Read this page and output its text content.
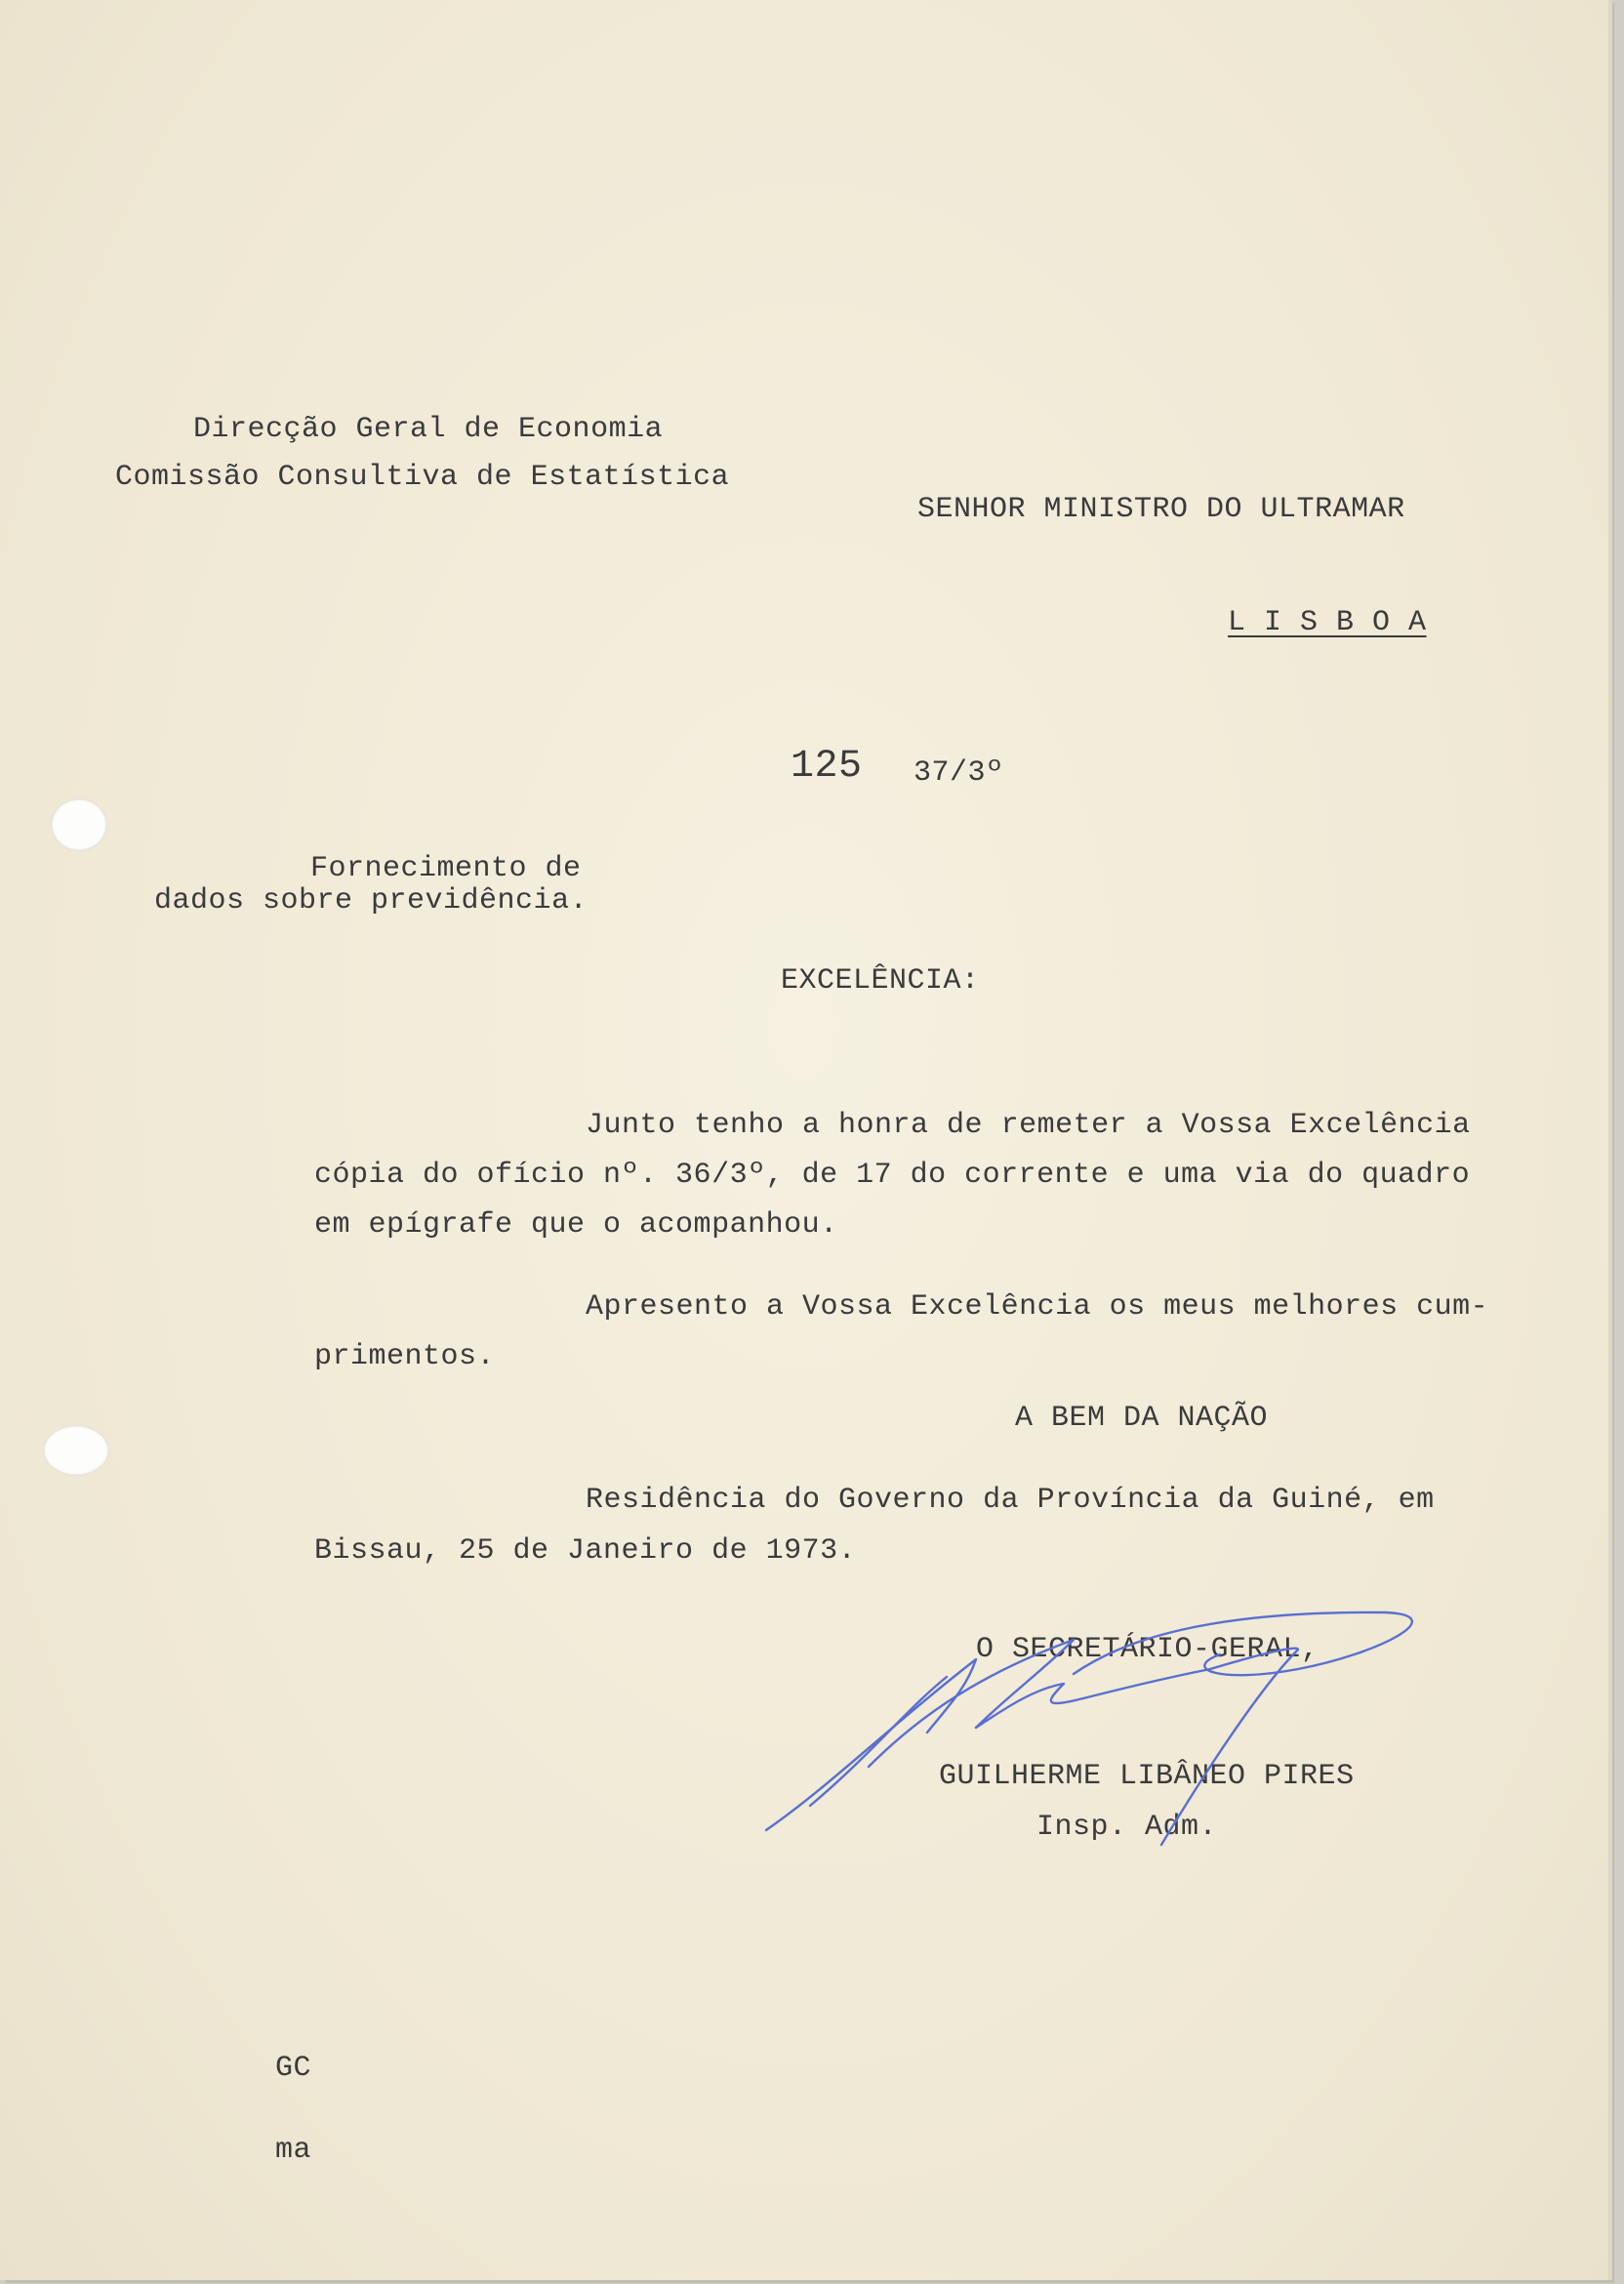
Direcção Geral de Economia

Comissão Consultiva de Estatística

SENHOR MINISTRO DO ULTRAMAR

L I S B O A

125 37/3º

Fornecimento de

dados sobre previdência.

EXCELÊNCIA:

Junto tenho a honra de remeter a Vossa Excelência

cópia do ofício nº. 36/3º, de 17 do corrente e uma via do quadro

em epígrafe que o acompanhou.

Apresento a Vossa Excelência os meus melhores cum-

primentos.

A BEM DA NAÇÃO

Residência do Governo da Província da Guiné, em

Bissau, 25 de Janeiro de 1973.

O SECRETÁRIO-GERAL,

GUILHERME LIBÂNEO PIRES

Insp. Adm.

GC

ma
